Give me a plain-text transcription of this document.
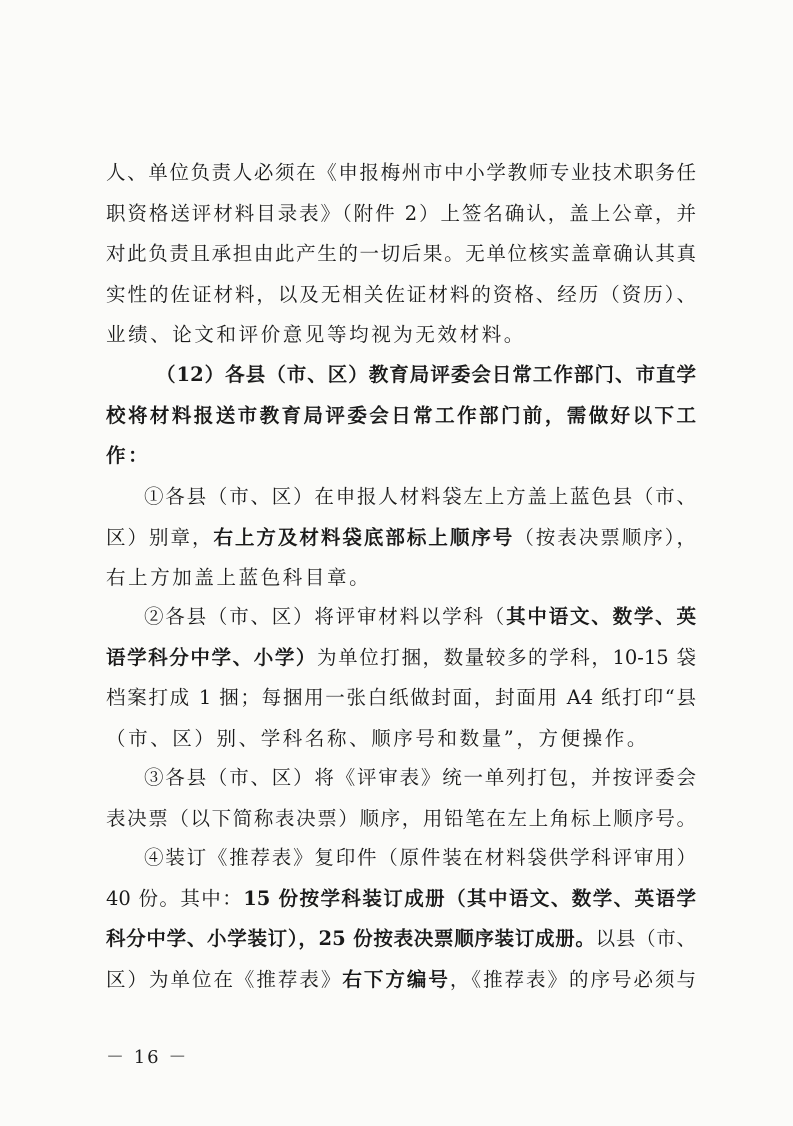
人、单位负责人必须在《申报梅州市中小学教师专业技术职务任
职资格送评材料目录表》（附件 2）上签名确认，盖上公章，并
对此负责且承担由此产生的一切后果。无单位核实盖章确认其真
实性的佐证材料，以及无相关佐证材料的资格、经历（资历）、
业绩、论文和评价意见等均视为无效材料。
（12）各县（市、区）教育局评委会日常工作部门、市直学
校将材料报送市教育局评委会日常工作部门前，需做好以下工
作：
①各县（市、区）在申报人材料袋左上方盖上蓝色县（市、
区）别章，右上方及材料袋底部标上顺序号（按表决票顺序），
右上方加盖上蓝色科目章。
②各县（市、区）将评审材料以学科（其中语文、数学、英
语学科分中学、小学）为单位打捆，数量较多的学科，10-15 袋
档案打成 1 捆；每捆用一张白纸做封面，封面用 A4 纸打印“县
（市、区）别、学科名称、顺序号和数量”，方便操作。
③各县（市、区）将《评审表》统一单列打包，并按评委会
表决票（以下简称表决票）顺序，用铅笔在左上角标上顺序号。
④装订《推荐表》复印件（原件装在材料袋供学科评审用）
40 份。其中：15 份按学科装订成册（其中语文、数学、英语学
科分中学、小学装订），25 份按表决票顺序装订成册。以县（市、
区）为单位在《推荐表》右下方编号，《推荐表》的序号必须与
－ 16 －
